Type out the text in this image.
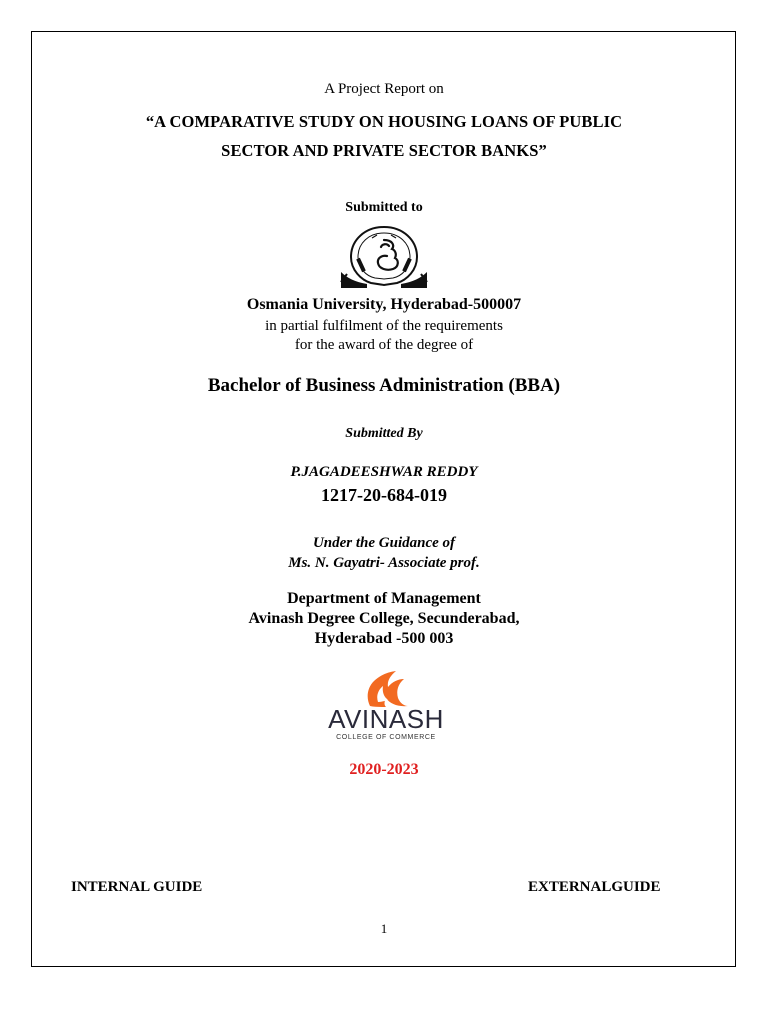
A Project Report on
“A COMPARATIVE STUDY ON HOUSING LOANS OF PUBLIC
SECTOR AND PRIVATE SECTOR BANKS”
Submitted to
Osmania University, Hyderabad-500007
in partial fulfilment of the requirements
for the award of the degree of
Bachelor of Business Administration (BBA)
Submitted By
P.JAGADEESHWAR REDDY
1217-20-684-019
Under the Guidance of
Ms. N. Gayatri- Associate prof.
Department of Management
Avinash Degree College, Secunderabad,
Hyderabad -500 003
AVINASH
COLLEGE OF COMMERCE
2020-2023
INTERNAL GUIDE	EXTERNALGUIDE
1
